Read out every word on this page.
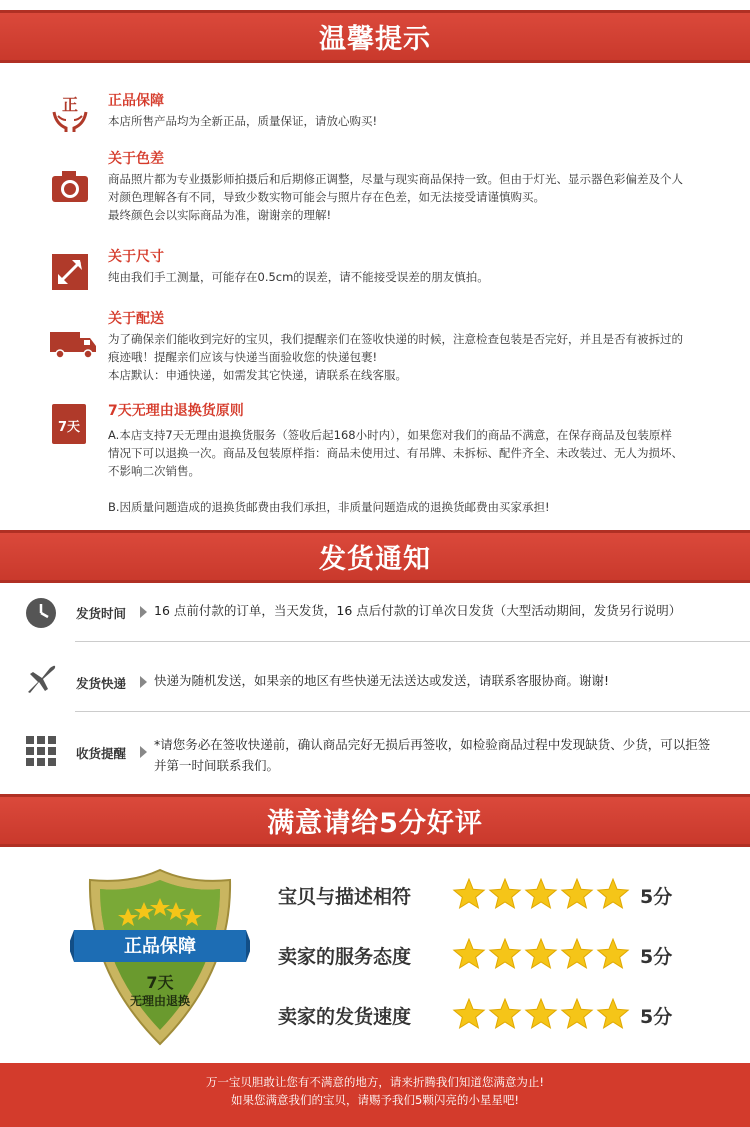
温馨提示
正 正品保障

本店所售产品均为全新正品，质量保证，请放心购买!

关于色差

商品照片都为专业摄影师拍摄后和后期修正调整，尽量与现实商品保持一致。但由于灯光、显示器色彩偏差及个人

对颜色理解各有不同，导致少数实物可能会与照片存在色差，如无法接受请谨慎购买。

最终颜色会以实际商品为准，谢谢亲的理解!

关于尺寸

纯由我们手工测量，可能存在0.5cm的误差，请不能接受误差的朋友慎拍。

关于配送

为了确保亲们能收到完好的宝贝，我们提醒亲们在签收快递的时候，注意检查包装是否完好，并且是否有被拆过的

痕迹哦！提醒亲们应该与快递当面验收您的快递包裹!

本店默认：申通快递，如需发其它快递，请联系在线客服。

7天
7天无理由退换货原则

A.本店支持7天无理由退换货服务（签收后起168小时内），如果您对我们的商品不满意，在保存商品及包装原样

情况下可以退换一次。商品及包装原样指：商品未使用过、有吊牌、未拆标、配件齐全、未改装过、无人为损坏、

不影响二次销售。

B.因质量问题造成的退换货邮费由我们承担，非质量问题造成的退换货邮费由买家承担!

发货通知
发货时间 16 点前付款的订单，当天发货，16 点后付款的订单次日发货（大型活动期间，发货另行说明）
发货快递 快递为随机发送，如果亲的地区有些快递无法送达或发送，请联系客服协商。谢谢!
收货提醒
*请您务必在签收快递前，确认商品完好无损后再签收，如检验商品过程中发现缺货、少货，可以拒签并第一时间联系我们。
满意请给5分好评
正品保障
7天
无理由退换
宝贝与描述相符	5分
卖家的服务态度	5分
卖家的发货速度	5分
万一宝贝胆敢让您有不满意的地方，请来折腾我们知道您满意为止!
如果您满意我们的宝贝，请赐予我们5颗闪亮的小星星吧!
